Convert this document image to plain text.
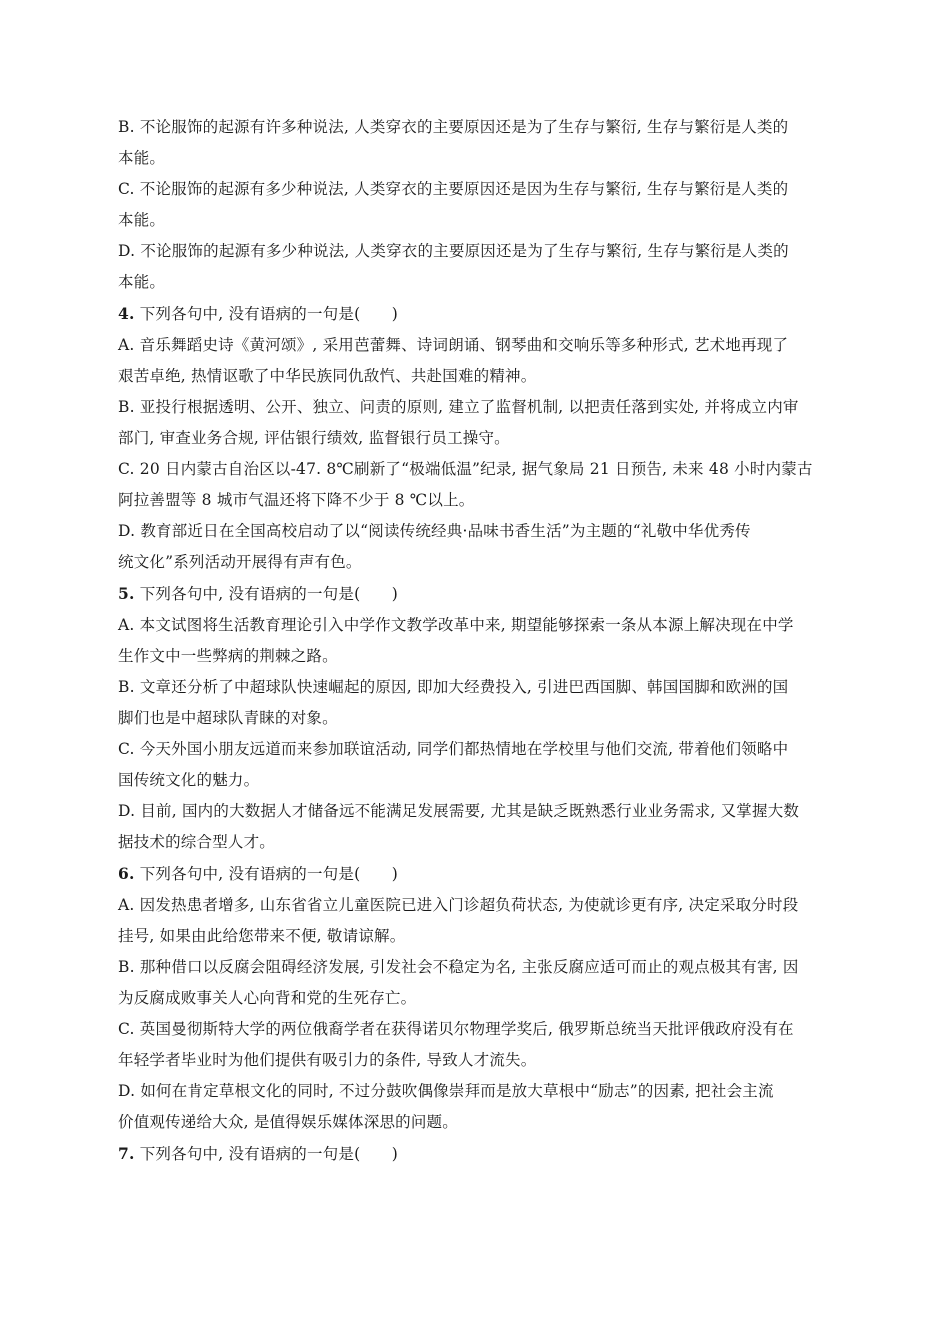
B. 不论服饰的起源有许多种说法, 人类穿衣的主要原因还是为了生存与繁衍, 生存与繁衍是人类的
本能。
C. 不论服饰的起源有多少种说法, 人类穿衣的主要原因还是因为生存与繁衍, 生存与繁衍是人类的
本能。
D. 不论服饰的起源有多少种说法, 人类穿衣的主要原因还是为了生存与繁衍, 生存与繁衍是人类的
本能。
4. 下列各句中, 没有语病的一句是(　　)
A. 音乐舞蹈史诗《黄河颂》, 采用芭蕾舞、诗词朗诵、钢琴曲和交响乐等多种形式, 艺术地再现了
艰苦卓绝, 热情讴歌了中华民族同仇敌忾、共赴国难的精神。
B. 亚投行根据透明、公开、独立、问责的原则, 建立了监督机制, 以把责任落到实处, 并将成立内审
部门, 审查业务合规, 评估银行绩效, 监督银行员工操守。
C. 20 日内蒙古自治区以-47. 8℃刷新了“极端低温”纪录, 据气象局 21 日预告, 未来 48 小时内蒙古
阿拉善盟等 8 城市气温还将下降不少于 8 ℃以上。
D. 教育部近日在全国高校启动了以“阅读传统经典·品味书香生活”为主题的“礼敬中华优秀传
统文化”系列活动开展得有声有色。
5. 下列各句中, 没有语病的一句是(　　)
A. 本文试图将生活教育理论引入中学作文教学改革中来, 期望能够探索一条从本源上解决现在中学
生作文中一些弊病的荆棘之路。
B. 文章还分析了中超球队快速崛起的原因, 即加大经费投入, 引进巴西国脚、韩国国脚和欧洲的国
脚们也是中超球队青睐的对象。
C. 今天外国小朋友远道而来参加联谊活动, 同学们都热情地在学校里与他们交流, 带着他们领略中
国传统文化的魅力。
D. 目前, 国内的大数据人才储备远不能满足发展需要, 尤其是缺乏既熟悉行业业务需求, 又掌握大数
据技术的综合型人才。
6. 下列各句中, 没有语病的一句是(　　)
A. 因发热患者增多, 山东省省立儿童医院已进入门诊超负荷状态, 为使就诊更有序, 决定采取分时段
挂号, 如果由此给您带来不便, 敬请谅解。
B. 那种借口以反腐会阻碍经济发展, 引发社会不稳定为名, 主张反腐应适可而止的观点极其有害, 因
为反腐成败事关人心向背和党的生死存亡。
C. 英国曼彻斯特大学的两位俄裔学者在获得诺贝尔物理学奖后, 俄罗斯总统当天批评俄政府没有在
年轻学者毕业时为他们提供有吸引力的条件, 导致人才流失。
D. 如何在肯定草根文化的同时, 不过分鼓吹偶像崇拜而是放大草根中“励志”的因素, 把社会主流
价值观传递给大众, 是值得娱乐媒体深思的问题。
7. 下列各句中, 没有语病的一句是(　　)
